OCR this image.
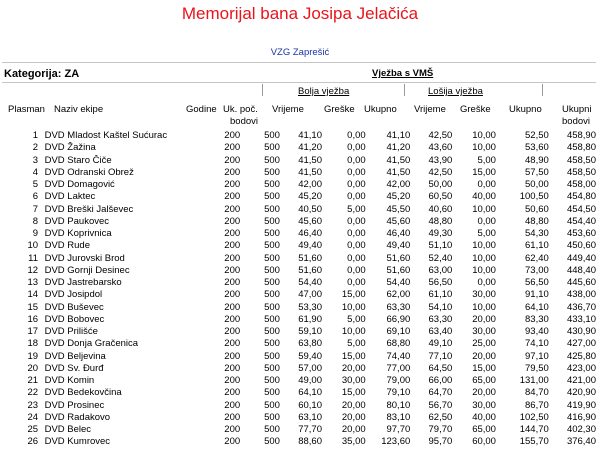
Memorijal bana Josipa Jelačića
VZG Zaprešić
Kategorija: ZA	Vježba s VMŠ
Bolja vježba	Lošija vježba
Plasman Naziv ekipe	Godine Uk. poč.
bodovi
Vrijeme Greške Ukupno Vrijeme Greške Ukupno Ukupni
bodovi
1		DVD Mladost Kaštel Sućurac		200	500	41,10	0,00	41,10	42,50	10,00	52,50	458,90
2		DVD Žažina		200	500	41,20	0,00	41,20	43,60	10,00	53,60	458,80
3		DVD Staro Čiče		200	500	41,50	0,00	41,50	43,90	5,00	48,90	458,50
4		DVD Odranski Obrež		200	500	41,50	0,00	41,50	42,50	15,00	57,50	458,50
5		DVD Domagović		200	500	42,00	0,00	42,00	50,00	0,00	50,00	458,00
6		DVD Laktec		200	500	45,20	0,00	45,20	60,50	40,00	100,50	454,80
7		DVD Breški Jalševec		200	500	40,50	5,00	45,50	40,60	10,00	50,60	454,50
8		DVD Paukovec		200	500	45,60	0,00	45,60	48,80	0,00	48,80	454,40
9		DVD Koprivnica		200	500	46,40	0,00	46,40	49,30	5,00	54,30	453,60
10		DVD Rude		200	500	49,40	0,00	49,40	51,10	10,00	61,10	450,60
11		DVD Jurovski Brod		200	500	51,60	0,00	51,60	52,40	10,00	62,40	449,40
12		DVD Gornji Desinec		200	500	51,60	0,00	51,60	63,00	10,00	73,00	448,40
13		DVD Jastrebarsko		200	500	54,40	0,00	54,40	56,50	0,00	56,50	445,60
14		DVD Josipdol		200	500	47,00	15,00	62,00	61,10	30,00	91,10	438,00
15		DVD Buševec		200	500	53,30	10,00	63,30	54,10	10,00	64,10	436,70
16		DVD Bobovec		200	500	61,90	5,00	66,90	63,30	20,00	83,30	433,10
17		DVD Prilišće		200	500	59,10	10,00	69,10	63,40	30,00	93,40	430,90
18		DVD Donja Gračenica		200	500	63,80	5,00	68,80	49,10	25,00	74,10	427,00
19		DVD Beljevina		200	500	59,40	15,00	74,40	77,10	20,00	97,10	425,80
20		DVD Sv. Đurđ		200	500	57,00	20,00	77,00	64,50	15,00	79,50	423,00
21		DVD Komin		200	500	49,00	30,00	79,00	66,00	65,00	131,00	421,00
22		DVD Bedekovčina		200	500	64,10	15,00	79,10	64,70	20,00	84,70	420,90
23		DVD Prosinec		200	500	60,10	20,00	80,10	56,70	30,00	86,70	419,90
24		DVD Radakovo		200	500	63,10	20,00	83,10	62,50	40,00	102,50	416,90
25		DVD Belec		200	500	77,70	20,00	97,70	79,70	65,00	144,70	402,30
26		DVD Kumrovec		200	500	88,60	35,00	123,60	95,70	60,00	155,70	376,40
